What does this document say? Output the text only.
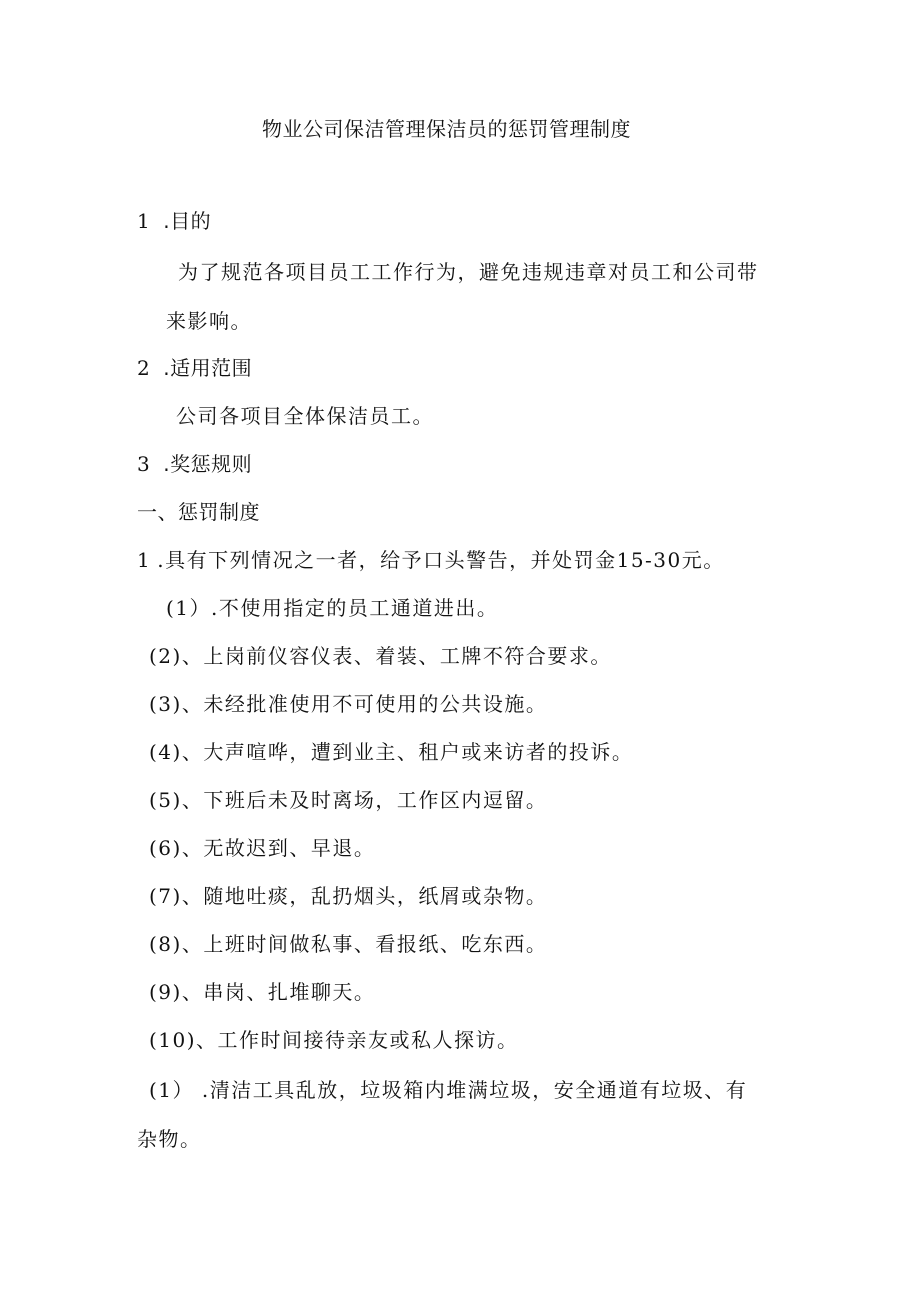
物业公司保洁管理保洁员的惩罚管理制度
1 .目的
为了规范各项目员工工作行为，避免违规违章对员工和公司带
来影响。
2 .适用范围
公司各项目全体保洁员工。
3 .奖惩规则
一、惩罚制度
1 .具有下列情况之一者，给予口头警告，并处罚金15-30元。
(1）.不使用指定的员工通道进出。
(2)、上岗前仪容仪表、着装、工牌不符合要求。
(3)、未经批准使用不可使用的公共设施。
(4)、大声喧哗，遭到业主、租户或来访者的投诉。
(5)、下班后未及时离场，工作区内逗留。
(6)、无故迟到、早退。
(7)、随地吐痰，乱扔烟头，纸屑或杂物。
(8)、上班时间做私事、看报纸、吃东西。
(9)、串岗、扎堆聊天。
(10)、工作时间接待亲友或私人探访。
(1） .清洁工具乱放，垃圾箱内堆满垃圾，安全通道有垃圾、有
杂物。
